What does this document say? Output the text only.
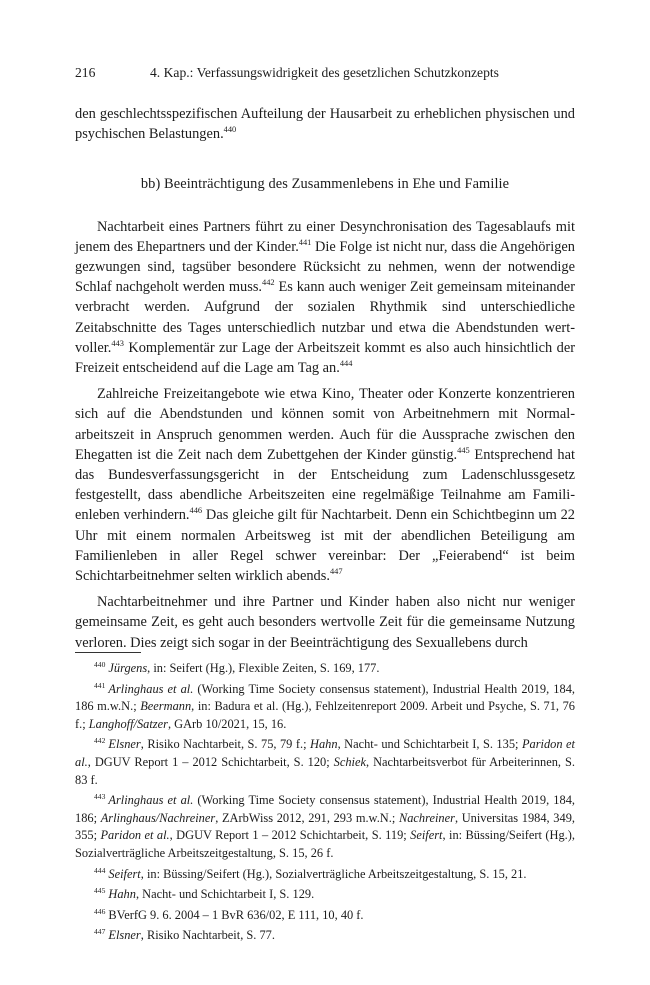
216	4. Kap.: Verfassungswidrigkeit des gesetzlichen Schutzkonzepts

den geschlechtsspezifischen Aufteilung der Hausarbeit zu erheblichen physischen und psychischen Belastungen.$^{440}$

bb) Beeinträchtigung des Zusammenlebens in Ehe und Familie

Nachtarbeit eines Partners führt zu einer Desynchronisation des Tagesablaufs mit jenem des Ehepartners und der Kinder.$^{441}$ Die Folge ist nicht nur, dass die Angehörigen gezwungen sind, tagsüber besondere Rücksicht zu nehmen, wenn der notwendige Schlaf nachgeholt werden muss.$^{442}$ Es kann auch weniger Zeit gemeinsam miteinander verbracht werden. Aufgrund der sozialen Rhythmik sind unterschiedliche Zeitabschnitte des Tages unterschiedlich nutzbar und etwa die Abendstunden wertvoller.$^{443}$ Komplementär zur Lage der Arbeitszeit kommt es also auch hinsichtlich der Freizeit entscheidend auf die Lage am Tag an.$^{444}$

Zahlreiche Freizeitangebote wie etwa Kino, Theater oder Konzerte konzentrieren sich auf die Abendstunden und können somit von Arbeitnehmern mit Normalarbeitszeit in Anspruch genommen werden. Auch für die Aussprache zwischen den Ehegatten ist die Zeit nach dem Zubettgehen der Kinder günstig.$^{445}$ Entsprechend hat das Bundesverfassungsgericht in der Entscheidung zum Ladenschlussgesetz festgestellt, dass abendliche Arbeitszeiten eine regelmäßige Teilnahme am Familienleben verhindern.$^{446}$ Das gleiche gilt für Nachtarbeit. Denn ein Schichtbeginn um 22 Uhr mit einem normalen Arbeitsweg ist mit der abendlichen Beteiligung am Familienleben in aller Regel schwer vereinbar: Der „Feierabend“ ist beim Schichtarbeitnehmer selten wirklich abends.$^{447}$

Nachtarbeitnehmer und ihre Partner und Kinder haben also nicht nur weniger gemeinsame Zeit, es geht auch besonders wertvolle Zeit für die gemeinsame Nutzung verloren. Dies zeigt sich sogar in der Beeinträchtigung des Sexuallebens durch

$^{440}$ Jürgens, in: Seifert (Hg.), Flexible Zeiten, S. 169, 177.

$^{441}$ Arlinghaus et al. (Working Time Society consensus statement), Industrial Health 2019, 184, 186 m.w.N.; Beermann, in: Badura et al. (Hg.), Fehlzeitenreport 2009. Arbeit und Psyche, S. 71, 76 f.; Langhoff/Satzer, GArb 10/2021, 15, 16.

$^{442}$ Elsner, Risiko Nachtarbeit, S. 75, 79 f.; Hahn, Nacht- und Schichtarbeit I, S. 135; Paridon et al., DGUV Report 1 – 2012 Schichtarbeit, S. 120; Schiek, Nachtarbeitsverbot für Arbeiterinnen, S. 83 f.

$^{443}$ Arlinghaus et al. (Working Time Society consensus statement), Industrial Health 2019, 184, 186; Arlinghaus/Nachreiner, ZArbWiss 2012, 291, 293 m.w.N.; Nachreiner, Universitas 1984, 349, 355; Paridon et al., DGUV Report 1 – 2012 Schichtarbeit, S. 119; Seifert, in: Büssing/Seifert (Hg.), Sozialverträgliche Arbeitszeitgestaltung, S. 15, 26 f.

$^{444}$ Seifert, in: Büssing/Seifert (Hg.), Sozialverträgliche Arbeitszeitgestaltung, S. 15, 21.

$^{445}$ Hahn, Nacht- und Schichtarbeit I, S. 129.

$^{446}$ BVerfG 9. 6. 2004 – 1 BvR 636/02, E 111, 10, 40 f.

$^{447}$ Elsner, Risiko Nachtarbeit, S. 77.
